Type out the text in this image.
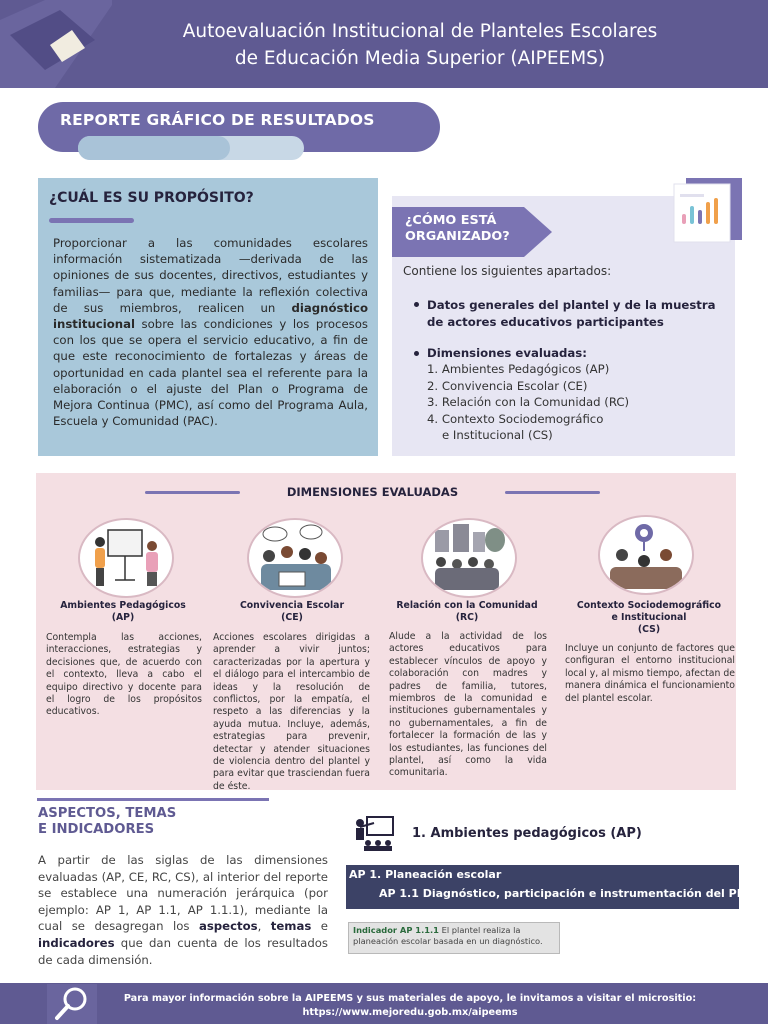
Autoevaluación Institucional de Planteles Escolares
de Educación Media Superior (AIPEEMS)
REPORTE GRÁFICO DE RESULTADOS
¿CUÁL ES SU PROPÓSITO?
Proporcionar a las comunidades escolares información sistematizada —derivada de las opiniones de sus docentes, directivos, estudiantes y familias— para que, mediante la reflexión colectiva de sus miembros, realicen un diagnóstico institucional sobre las condiciones y los procesos con los que se opera el servicio educativo, a fin de que este reconocimiento de fortalezas y áreas de oportunidad en cada plantel sea el referente para la elaboración o el ajuste del Plan o Programa de Mejora Continua (PMC), así como del Programa Aula, Escuela y Comunidad (PAC).
¿CÓMO ESTÁ ORGANIZADO?
Contiene los siguientes apartados:
Datos generales del plantel y de la muestra de actores educativos participantes
Dimensiones evaluadas:
1. Ambientes Pedagógicos (AP)
2. Convivencia Escolar (CE)
3. Relación con la Comunidad (RC)
4. Contexto Sociodemográfico
e Institucional (CS)
DIMENSIONES EVALUADAS
Ambientes Pedagógicos
(AP)
Contempla las acciones, interacciones, estrategias y decisiones que, de acuerdo con el contexto, lleva a cabo el equipo directivo y docente para el logro de los propósitos educativos.
Convivencia Escolar
(CE)
Acciones escolares dirigidas a aprender a vivir juntos; caracterizadas por la apertura y el diálogo para el intercambio de ideas y la resolución de conflictos, por la empatía, el respeto a las diferencias y la ayuda mutua. Incluye, además, estrategias para prevenir, detectar y atender situaciones de violencia dentro del plantel y para evitar que trasciendan fuera de éste.
Relación con la Comunidad
(RC)
Alude a la actividad de los actores educativos para establecer vínculos de apoyo y colaboración con madres y padres de familia, tutores, miembros de la comunidad e instituciones gubernamentales y no gubernamentales, a fin de fortalecer la formación de las y los estudiantes, las funciones del plantel, así como la vida comunitaria.
Contexto Sociodemográfico
e Institucional
(CS)
Incluye un conjunto de factores que configuran el entorno institucional local y, al mismo tiempo, afectan de manera dinámica el funcionamiento del plantel escolar.
ASPECTOS, TEMAS
E INDICADORES
A partir de las siglas de las dimensiones evaluadas (AP, CE, RC, CS), al interior del reporte se establece una numeración jerárquica (por ejemplo: AP 1, AP 1.1, AP 1.1.1), mediante la cual se desagregan los aspectos, temas e indicadores que dan cuenta de los resultados de cada dimensión.
1. Ambientes pedagógicos (AP)
AP 1. Planeación escolar
AP 1.1 Diagnóstico, participación e instrumentación del PMC
Indicador AP 1.1.1 El plantel realiza la planeación escolar basada en un diagnóstico.
Para mayor información sobre la AIPEEMS y sus materiales de apoyo, le invitamos a visitar el micrositio:
https://www.mejoredu.gob.mx/aipeems
